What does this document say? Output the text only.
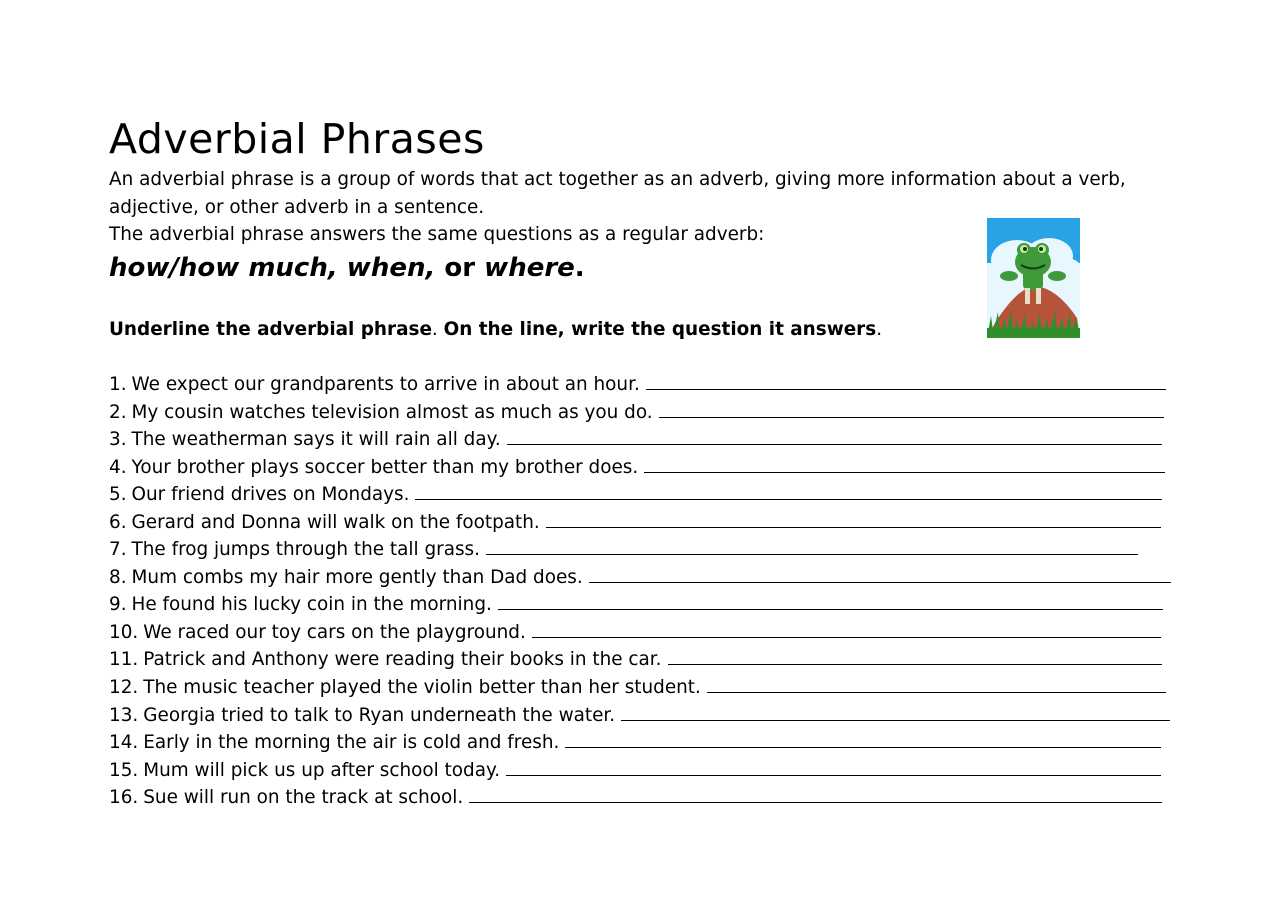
Adverbial Phrases

An adverbial phrase is a group of words that act together as an adverb, giving more information about a verb, adjective, or other adverb in a sentence.

The adverbial phrase answers the same questions as a regular adverb:

how/how much, when, or where.
Underline the adverbial phrase. On the line, write the question it answers.
1. We expect our grandparents to arrive in about an hour.
2. My cousin watches television almost as much as you do.
3. The weatherman says it will rain all day.
4. Your brother plays soccer better than my brother does.
5. Our friend drives on Mondays.
6. Gerard and Donna will walk on the footpath.
7. The frog jumps through the tall grass.
8. Mum combs my hair more gently than Dad does.
9. He found his lucky coin in the morning.
10. We raced our toy cars on the playground.
11. Patrick and Anthony were reading their books in the car.
12. The music teacher played the violin better than her student.
13. Georgia tried to talk to Ryan underneath the water.
14. Early in the morning the air is cold and fresh.
15. Mum will pick us up after school today.
16. Sue will run on the track at school.
